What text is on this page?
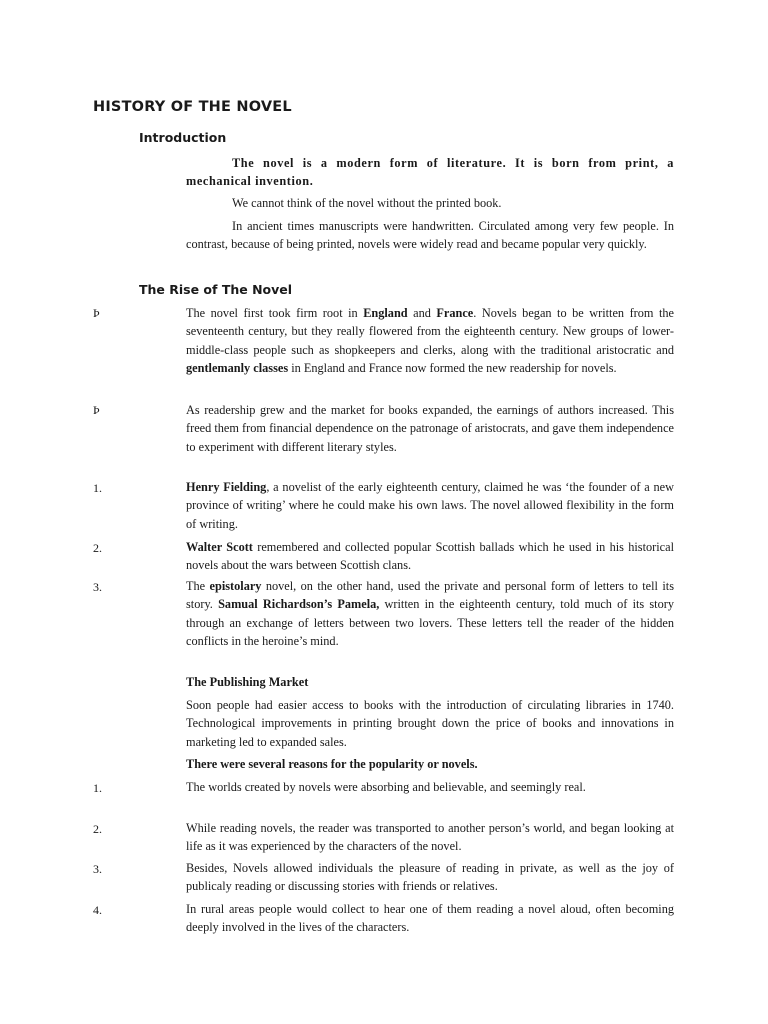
HISTORY OF THE NOVEL
Introduction

The novel is a modern form of literature. It is born from print, a mechanical invention.

We cannot think of the novel without the printed book.

In ancient times manuscripts were handwritten. Circulated among very few people. In contrast, because of being printed, novels were widely read and became popular very quickly.

The Rise of The Novel
Þ	The novel first took firm root in England and France. Novels began to be written from the seventeenth century, but they really flowered from the eighteenth century. New groups of lower-middle-class people such as shopkeepers and clerks, along with the traditional aristocratic and gentlemanly classes in England and France now formed the new readership for novels.

Þ	As readership grew and the market for books expanded, the earnings of authors increased. This freed them from financial dependence on the patronage of aristocrats, and gave them independence to experiment with different literary styles.

1.	Henry Fielding, a novelist of the early eighteenth century, claimed he was ‘the founder of a new province of writing’ where he could make his own laws. The novel allowed flexibility in the form of writing.

2.	Walter Scott remembered and collected popular Scottish ballads which he used in his historical novels about the wars between Scottish clans.

3.	The epistolary novel, on the other hand, used the private and personal form of letters to tell its story. Samual Richardson’s Pamela, written in the eighteenth century, told much of its story through an exchange of letters between two lovers. These letters tell the reader of the hidden conflicts in the heroine’s mind.

The Publishing Market

Soon people had easier access to books with the introduction of circulating libraries in 1740. Technological improvements in printing brought down the price of books and innovations in marketing led to expanded sales.

There were several reasons for the popularity or novels.

1.	The worlds created by novels were absorbing and believable, and seemingly real.

2.	While reading novels, the reader was transported to another person’s world, and began looking at life as it was experienced by the characters of the novel.

3.	Besides, Novels allowed individuals the pleasure of reading in private, as well as the joy of publicaly reading or discussing stories with friends or relatives.

4.	In rural areas people would collect to hear one of them reading a novel aloud, often becoming deeply involved in the lives of the characters.
